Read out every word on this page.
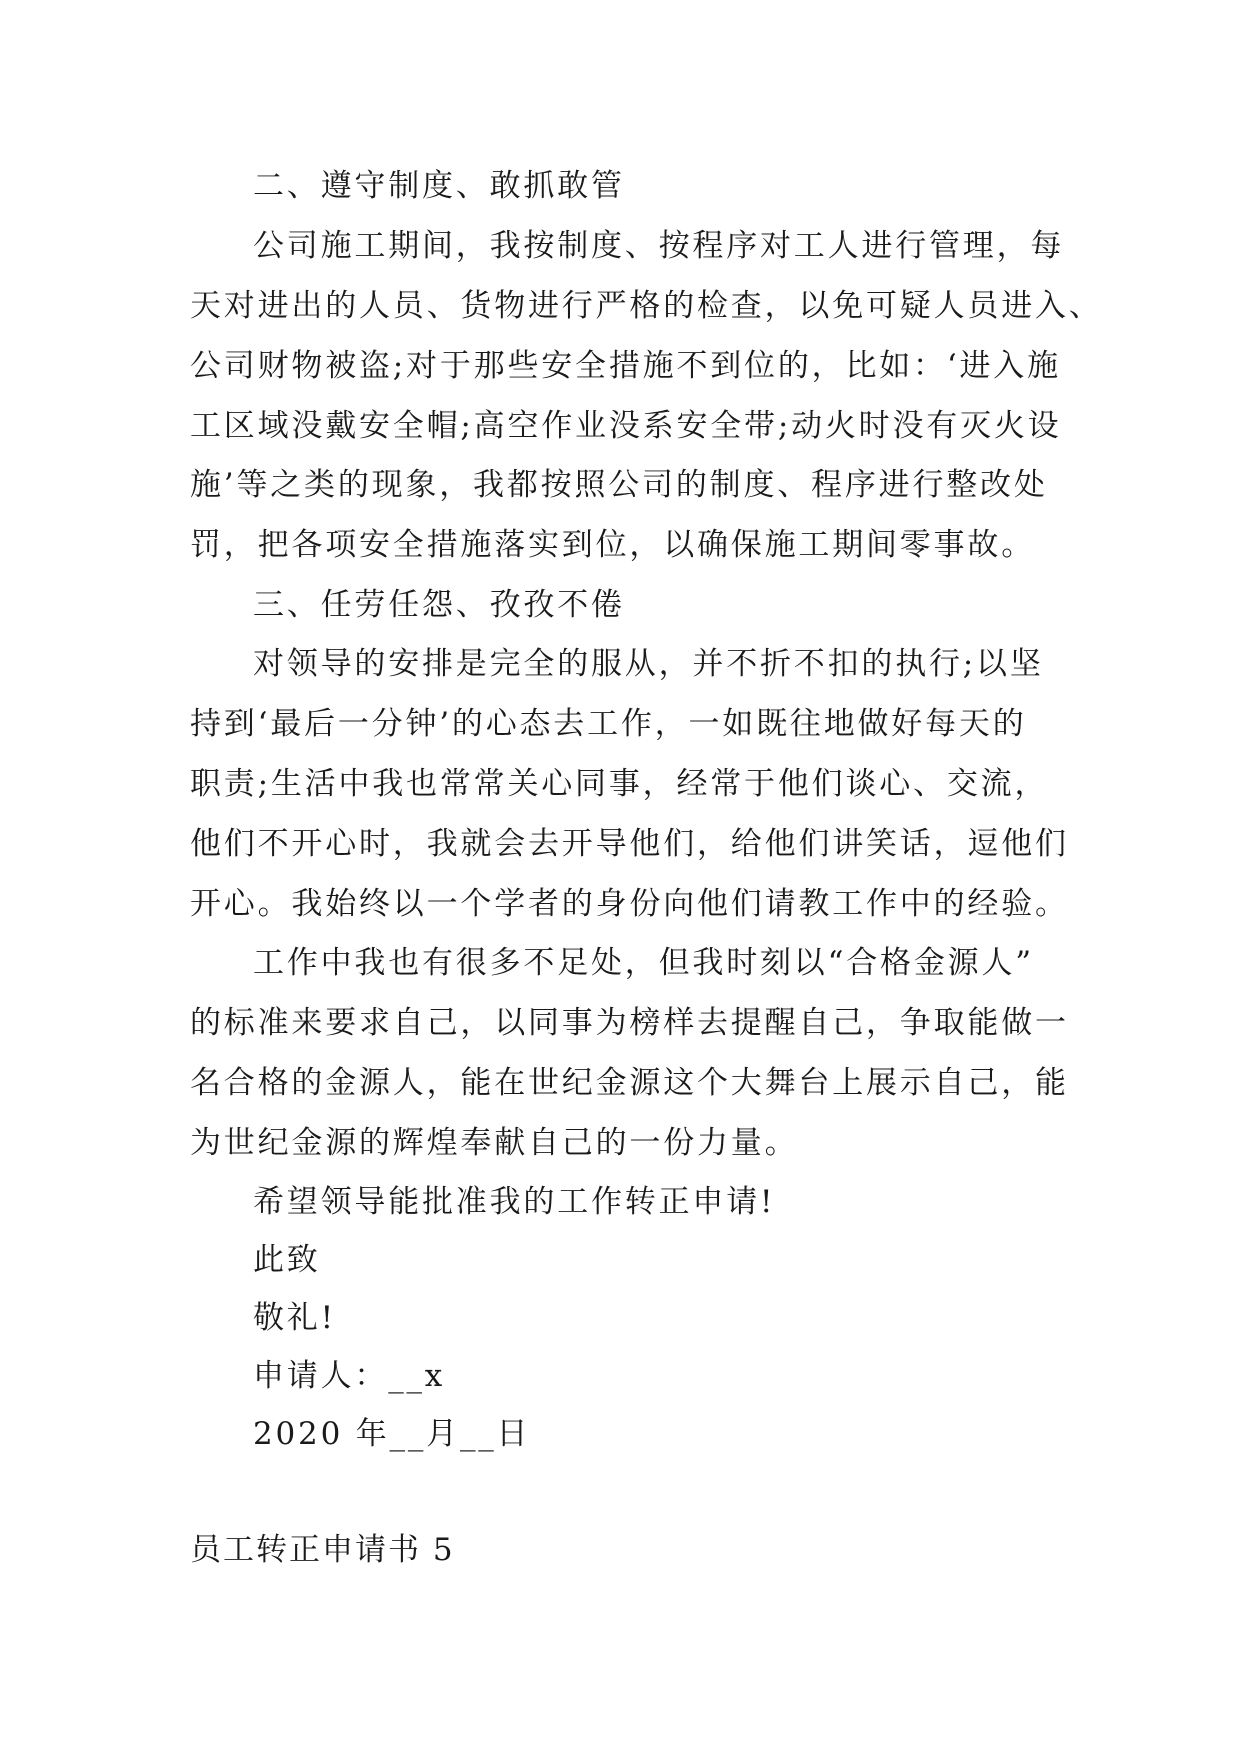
二、遵守制度、敢抓敢管
公司施工期间，我按制度、按程序对工人进行管理，每
天对进出的人员、货物进行严格的检查，以免可疑人员进入、
公司财物被盗;对于那些安全措施不到位的，比如：‘进入施
工区域没戴安全帽;高空作业没系安全带;动火时没有灭火设
施’等之类的现象，我都按照公司的制度、程序进行整改处
罚，把各项安全措施落实到位，以确保施工期间零事故。
三、任劳任怨、孜孜不倦
对领导的安排是完全的服从，并不折不扣的执行;以坚
持到‘最后一分钟’的心态去工作，一如既往地做好每天的
职责;生活中我也常常关心同事，经常于他们谈心、交流，
他们不开心时，我就会去开导他们，给他们讲笑话，逗他们
开心。我始终以一个学者的身份向他们请教工作中的经验。
工作中我也有很多不足处，但我时刻以“合格金源人”
的标准来要求自己，以同事为榜样去提醒自己，争取能做一
名合格的金源人，能在世纪金源这个大舞台上展示自己，能
为世纪金源的辉煌奉献自己的一份力量。
希望领导能批准我的工作转正申请!
此致
敬礼!
申请人：__x
2020 年__月__日
员工转正申请书 5
